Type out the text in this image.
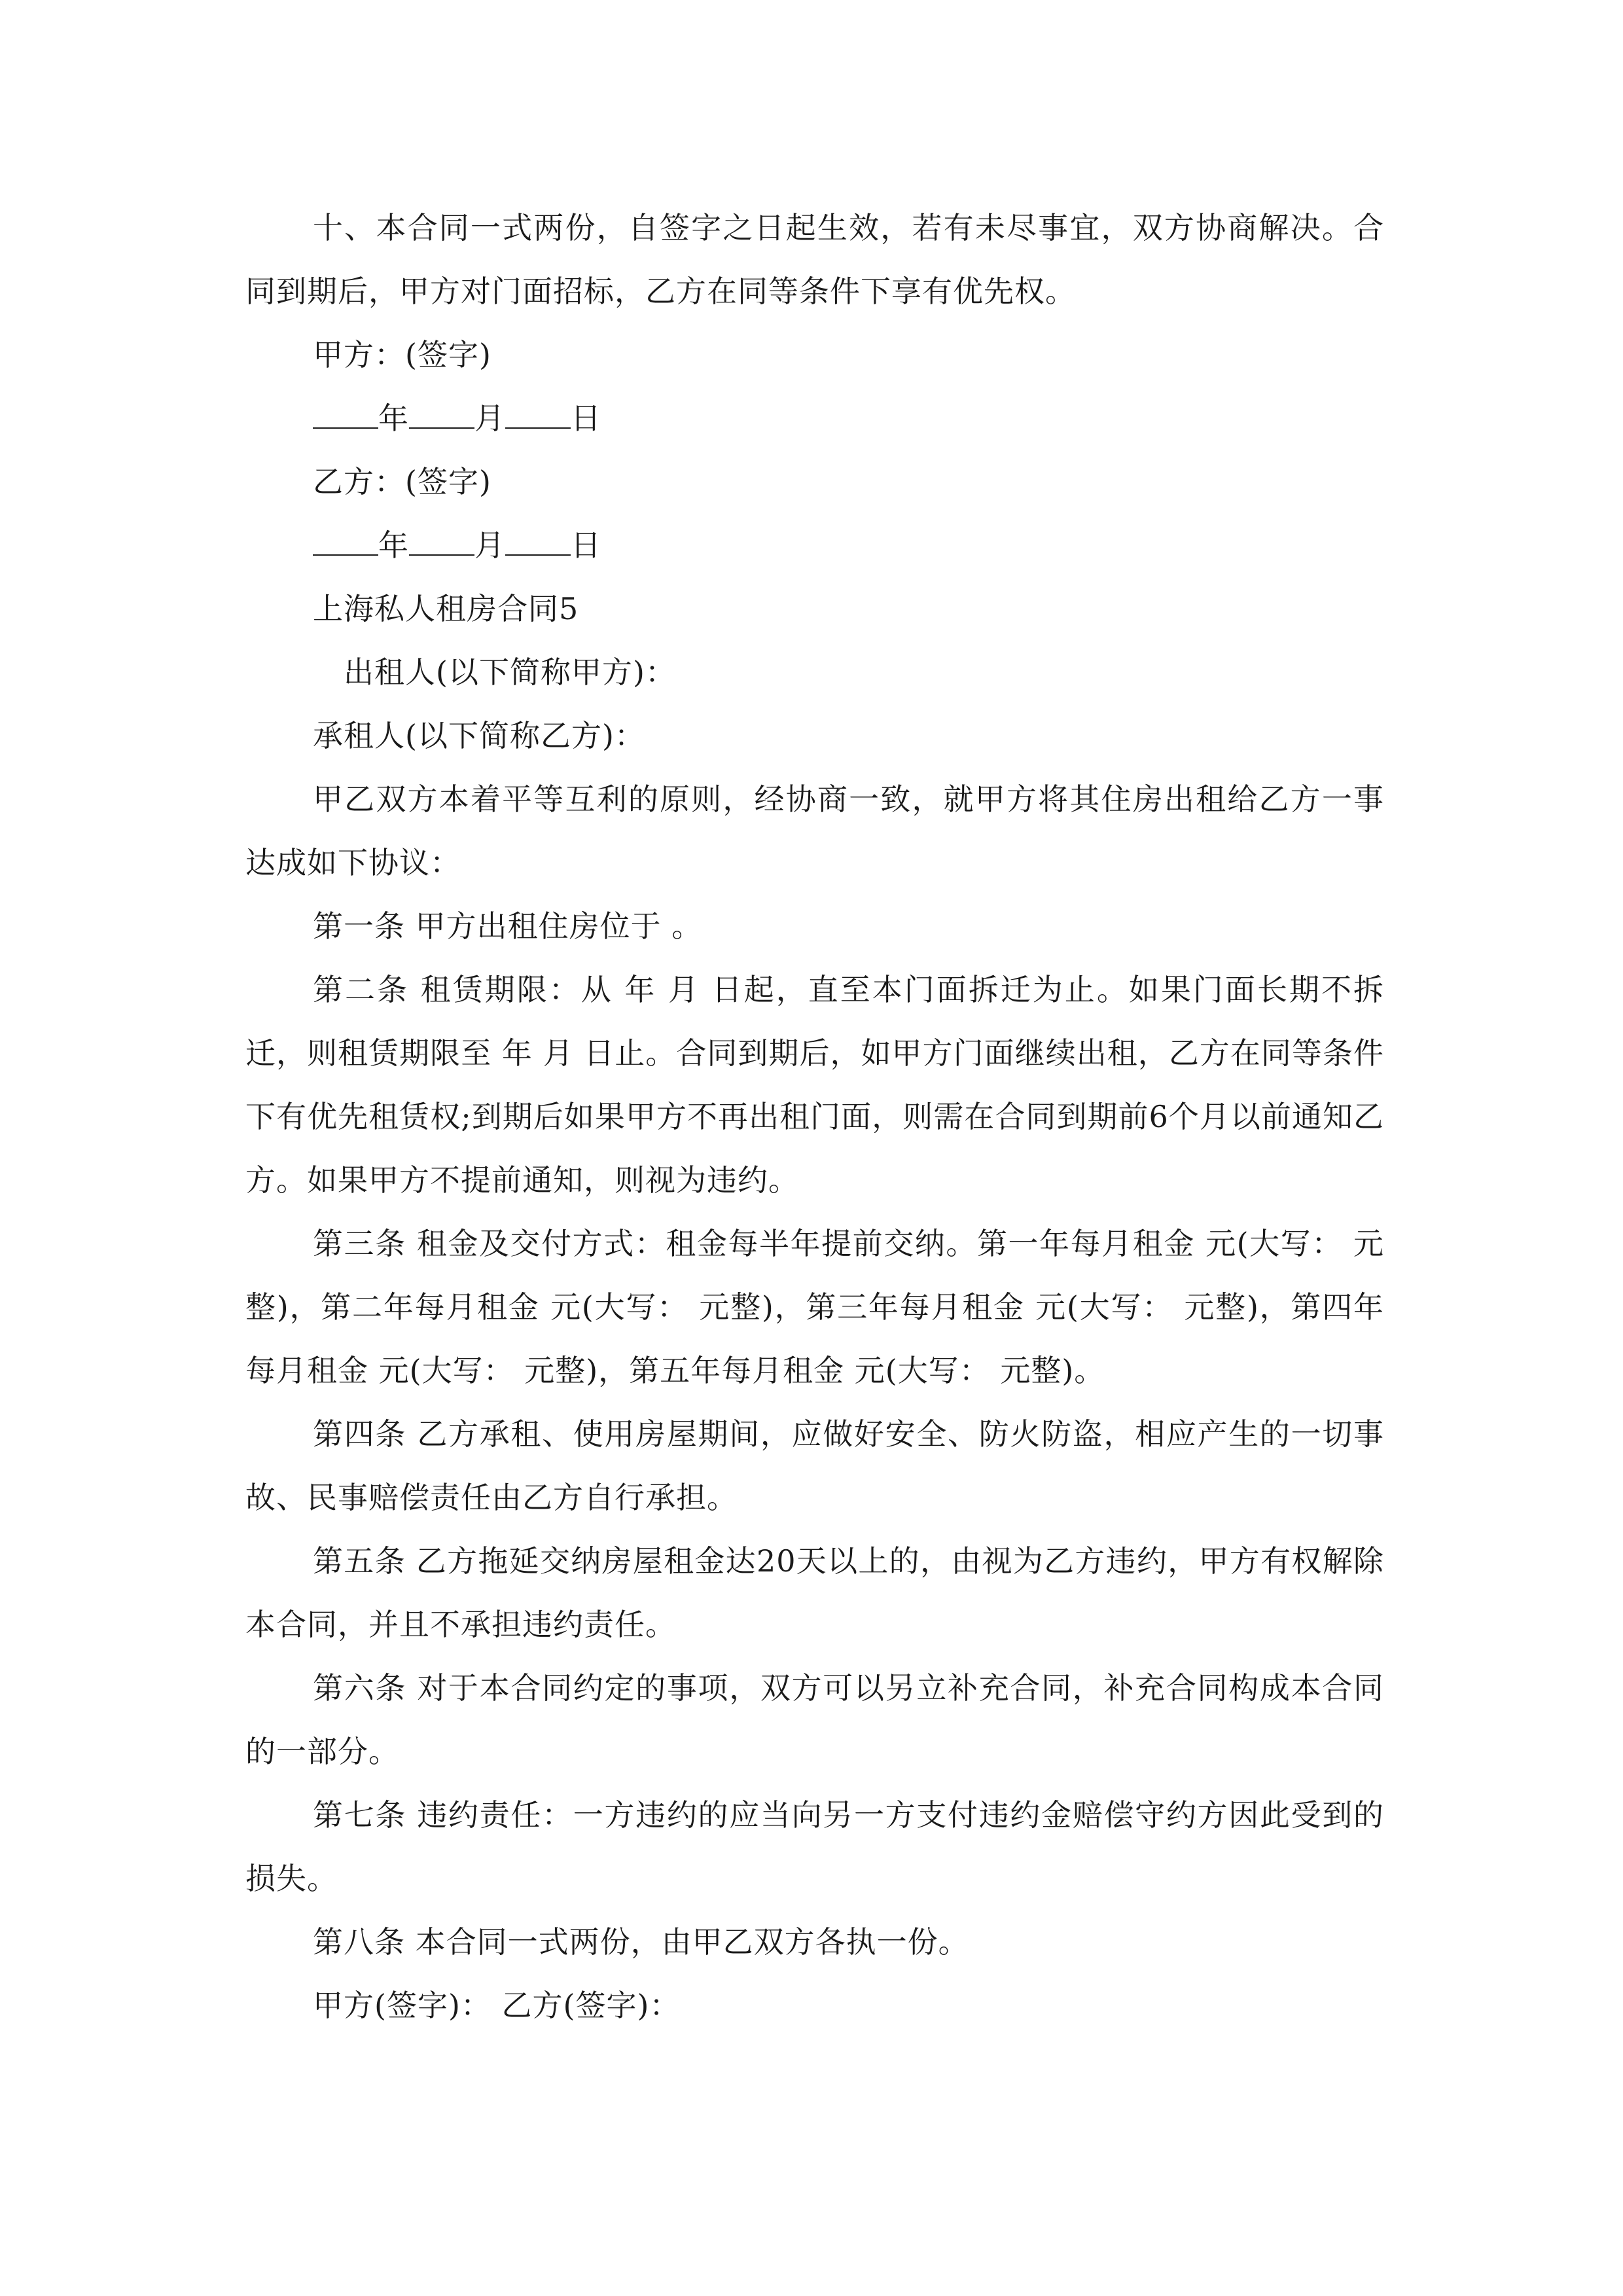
十、本合同一式两份，自签字之日起生效，若有未尽事宜，双方协商解决。合同到期后，甲方对门面招标，乙方在同等条件下享有优先权。

甲方：(签字)

年 月 日

乙方：(签字)

年 月 日

上海私人租房合同5

出租人(以下简称甲方)：

承租人(以下简称乙方)：

甲乙双方本着平等互利的原则，经协商一致，就甲方将其住房出租给乙方一事达成如下协议：

第一条 甲方出租住房位于 。

第二条 租赁期限：从 年 月 日起，直至本门面拆迁为止。如果门面长期不拆迁，则租赁期限至 年 月 日止。合同到期后，如甲方门面继续出租，乙方在同等条件下有优先租赁权;到期后如果甲方不再出租门面，则需在合同到期前6个月以前通知乙方。如果甲方不提前通知，则视为违约。

第三条 租金及交付方式：租金每半年提前交纳。第一年每月租金 元(大写： 元整)，第二年每月租金 元(大写： 元整)，第三年每月租金 元(大写： 元整)，第四年每月租金 元(大写： 元整)，第五年每月租金 元(大写： 元整)。

第四条 乙方承租、使用房屋期间，应做好安全、防火防盗，相应产生的一切事故、民事赔偿责任由乙方自行承担。

第五条 乙方拖延交纳房屋租金达20天以上的，由视为乙方违约，甲方有权解除本合同，并且不承担违约责任。

第六条 对于本合同约定的事项，双方可以另立补充合同，补充合同构成本合同的一部分。

第七条 违约责任：一方违约的应当向另一方支付违约金赔偿守约方因此受到的损失。

第八条 本合同一式两份，由甲乙双方各执一份。

甲方(签字)： 乙方(签字)：
